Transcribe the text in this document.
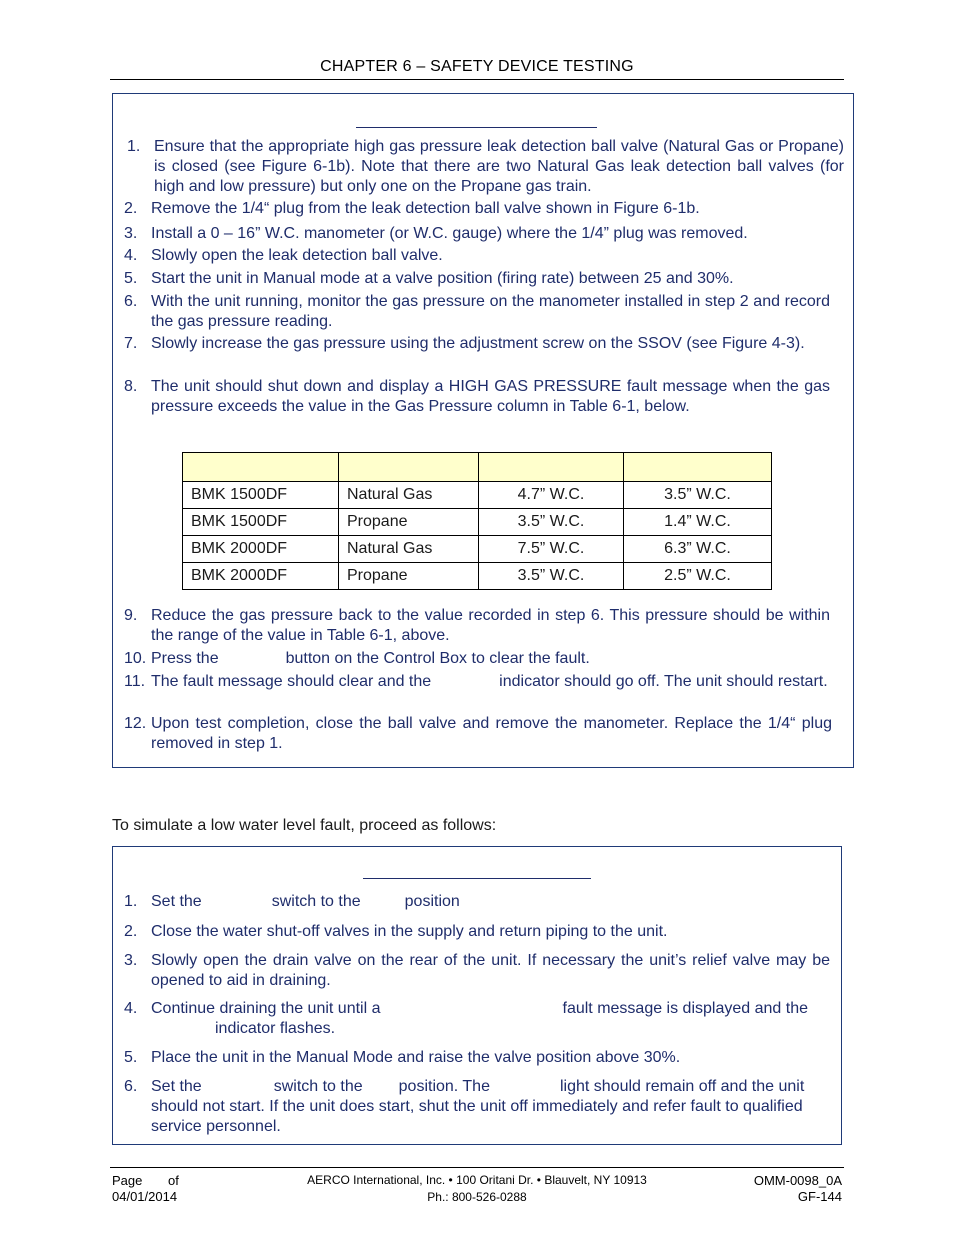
CHAPTER 6 – SAFETY DEVICE TESTING
1. Ensure that the appropriate high gas pressure leak detection ball valve (Natural Gas or Propane) is closed (see Figure 6-1b). Note that there are two Natural Gas leak detection ball valves (for high and low pressure) but only one on the Propane gas train.
2. Remove the 1/4“ plug from the leak detection ball valve shown in Figure 6-1b.
3. Install a 0 – 16” W.C. manometer (or W.C. gauge) where the 1/4” plug was removed.
4. Slowly open the leak detection ball valve.
5. Start the unit in Manual mode at a valve position (firing rate) between 25 and 30%.
6. With the unit running, monitor the gas pressure on the manometer installed in step 2 and record the gas pressure reading.
7. Slowly increase the gas pressure using the adjustment screw on the SSOV (see Figure 4-3).
8. The unit should shut down and display a HIGH GAS PRESSURE fault message when the gas pressure exceeds the value in the Gas Pressure column in Table 6-1, below.

BMK 1500DF	Natural Gas	4.7” W.C.	3.5” W.C.
BMK 1500DF	Propane	3.5” W.C.	1.4” W.C.
BMK 2000DF	Natural Gas	7.5” W.C.	6.3” W.C.
BMK 2000DF	Propane	3.5” W.C.	2.5” W.C.
9. Reduce the gas pressure back to the value recorded in step 6. This pressure should be within the range of the value in Table 6-1, above.
10. Press the	button on the Control Box to clear the fault.
11. The fault message should clear and the	indicator should go off. The unit should restart.
12. Upon test completion, close the ball valve and remove the manometer. Replace the 1/4“ plug removed in step 1.
To simulate a low water level fault, proceed as follows:
1. Set the	switch to the	position
2. Close the water shut-off valves in the supply and return piping to the unit.
3. Slowly open the drain valve on the rear of the unit. If necessary the unit’s relief valve may be opened to aid in draining.
4. Continue draining the unit until a	fault message is displayed and theindicator flashes.
5. Place the unit in the Manual Mode and raise the valve position above 30%.
6. Set the	switch to the position. The	light should remain off and the unit should not start. If the unit does start, shut the unit off immediately and refer fault to qualified service personnel.
Page of
04/01/2014
AERCO International, Inc. • 100 Oritani Dr. • Blauvelt, NY 10913
Ph.: 800-526-0288
OMM-0098_0A
GF-144
